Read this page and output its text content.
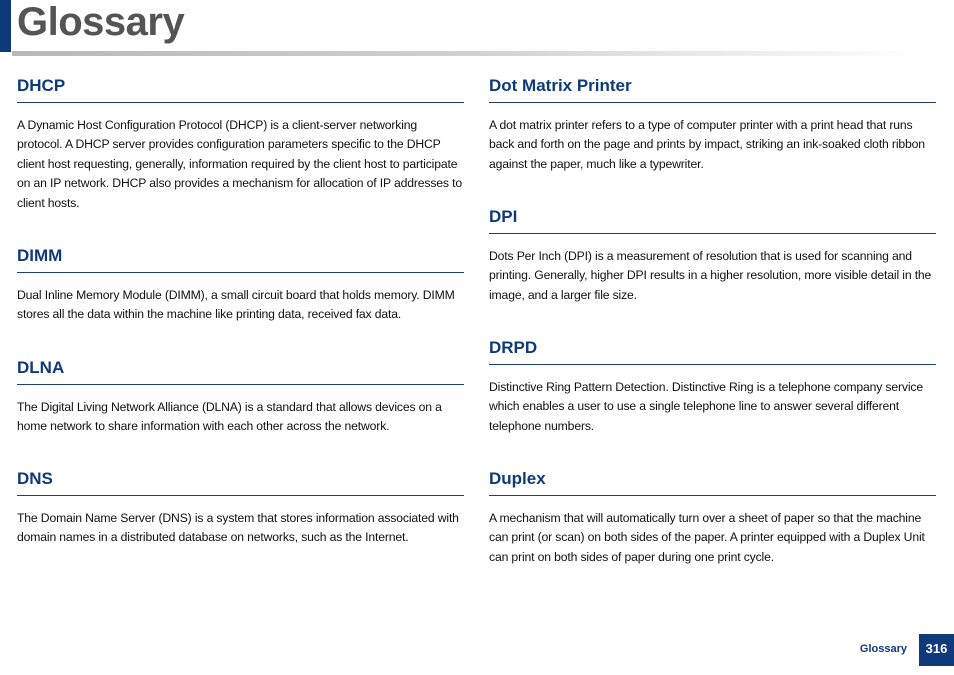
Glossary
DHCP

A Dynamic Host Configuration Protocol (DHCP) is a client-server networking protocol. A DHCP server provides configuration parameters specific to the DHCP client host requesting, generally, information required by the client host to participate on an IP network. DHCP also provides a mechanism for allocation of IP addresses to client hosts.

DIMM

Dual Inline Memory Module (DIMM), a small circuit board that holds memory. DIMM stores all the data within the machine like printing data, received fax data.

DLNA

The Digital Living Network Alliance (DLNA) is a standard that allows devices on a home network to share information with each other across the network.

DNS

The Domain Name Server (DNS) is a system that stores information associated with domain names in a distributed database on networks, such as the Internet.

Dot Matrix Printer

A dot matrix printer refers to a type of computer printer with a print head that runs back and forth on the page and prints by impact, striking an ink-soaked cloth ribbon against the paper, much like a typewriter.

DPI

Dots Per Inch (DPI) is a measurement of resolution that is used for scanning and printing. Generally, higher DPI results in a higher resolution, more visible detail in the image, and a larger file size.

DRPD

Distinctive Ring Pattern Detection. Distinctive Ring is a telephone company service which enables a user to use a single telephone line to answer several different telephone numbers.

Duplex

A mechanism that will automatically turn over a sheet of paper so that the machine can print (or scan) on both sides of the paper. A printer equipped with a Duplex Unit can print on both sides of paper during one print cycle.

Glossary	316
